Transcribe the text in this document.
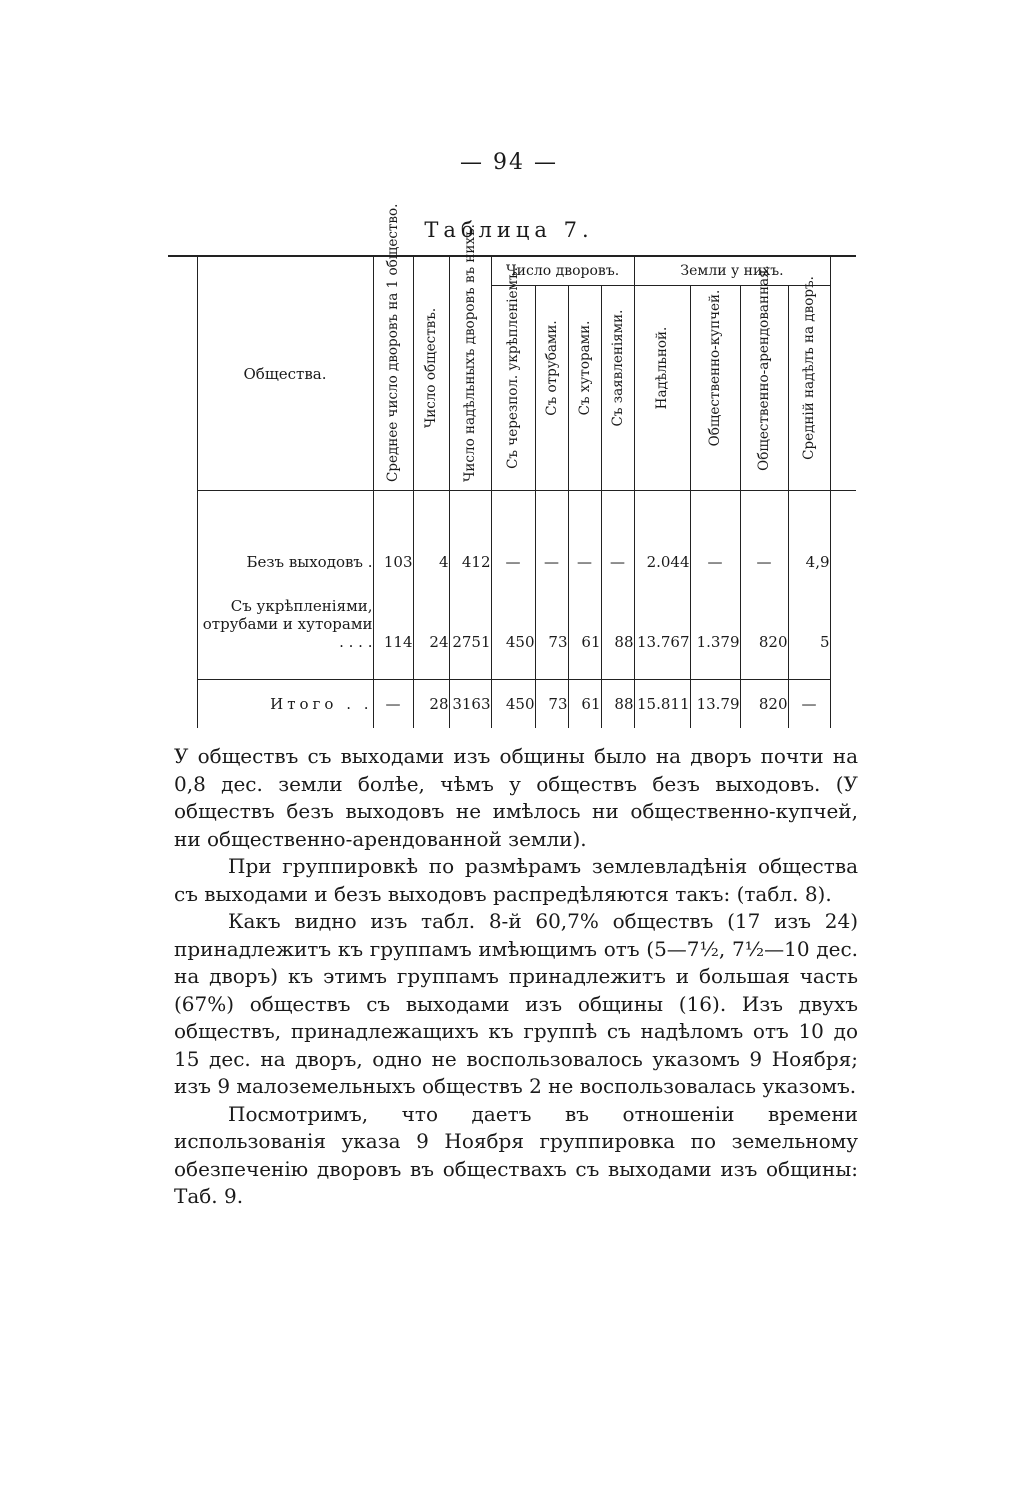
— 94 —
Таблица 7.
	Общества.	Среднее число дворовъ на 1 общество.	Число обществъ.	Число надѣльныхъ дворовъ въ нихъ.	Число дворовъ.				Земли у нихъ.				

					Съ черезпол. укрѣпленіемъ.	Съ отрубами.	Съ хуторами.	Съ заявленіями.	Надѣльной.	Общественно-купчей.	Общественно-арендованная.	Средній надѣлъ на дворъ.	

	Безъ выходовъ .	103	4	412	—	—	—	—	2.044	—	—	4,9	
	Съ укрѣпленіями, отрубами и хуторами . . . .	114	24	2751	450	73	61	88	13.767	1.379	820	5	

	Итого . .	—	28	3163	450	73	61	88	15.811	13.79	820	—	

У обществъ съ выходами изъ общины было на дворъ почти на 0,8 дес. земли болѣе, чѣмъ у обществъ безъ выходовъ. (У обществъ безъ выходовъ не имѣлось ни общественно-купчей, ни общественно-арендованной земли).

При группировкѣ по размѣрамъ землевладѣнія общества съ выходами и безъ выходовъ распредѣляются такъ: (табл. 8).

Какъ видно изъ табл. 8-й 60,7% обществъ (17 изъ 24) принадлежитъ къ группамъ имѣющимъ отъ (5—7½, 7½—10 дес. на дворъ) къ этимъ группамъ принадлежитъ и большая часть (67%) обществъ съ выходами изъ общины (16). Изъ двухъ обществъ, принадлежащихъ къ группѣ съ надѣломъ отъ 10 до 15 дес. на дворъ, одно не воспользовалось указомъ 9 Ноября; изъ 9 малоземельныхъ обществъ 2 не воспользовалась указомъ.

Посмотримъ, что даетъ въ отношеніи времени использованія указа 9 Ноября группировка по земельному обезпеченію дворовъ въ обществахъ съ выходами изъ общины: Таб. 9.
